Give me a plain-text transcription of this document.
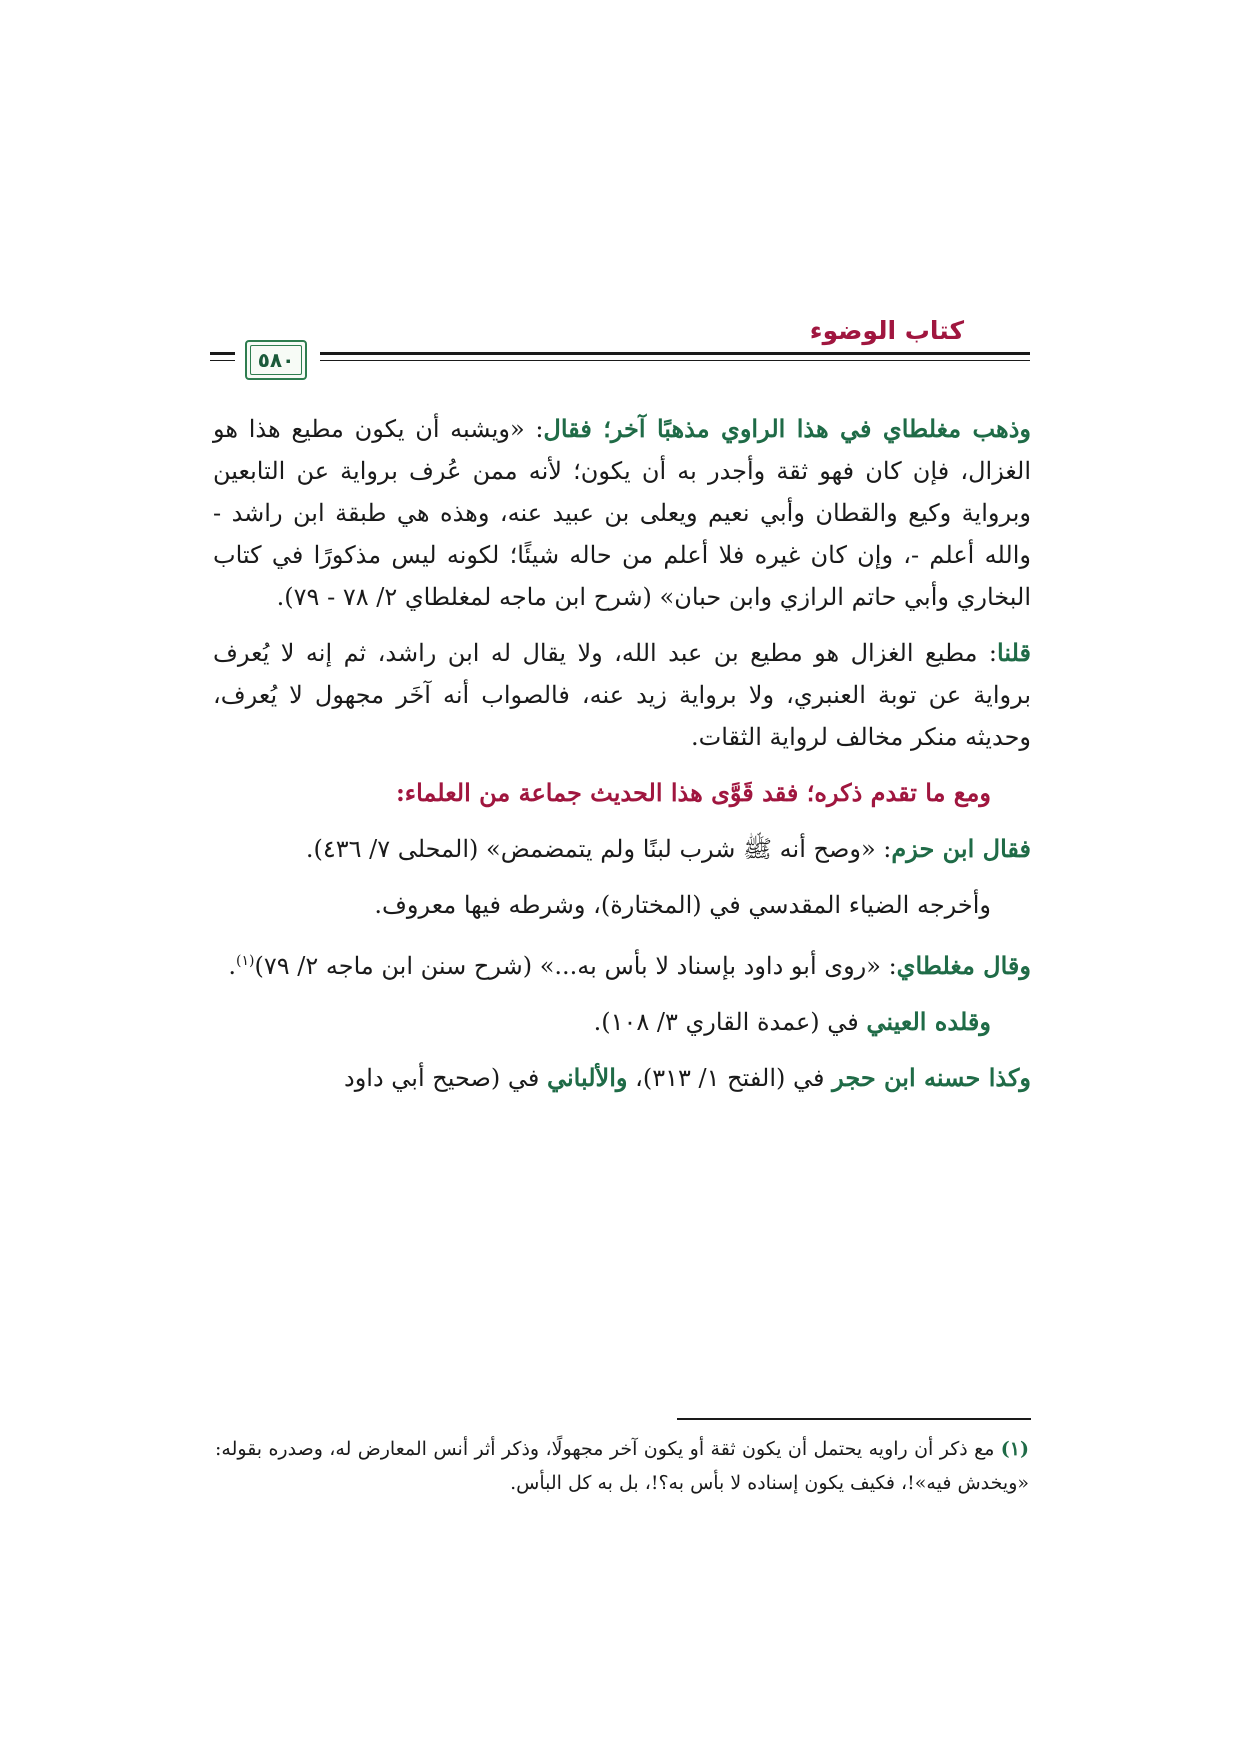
كتاب الوضوء
٥٨٠

وذهب مغلطاي في هذا الراوي مذهبًا آخر؛ فقال: «ويشبه أن يكون مطيع هذا هو الغزال، فإن كان فهو ثقة وأجدر به أن يكون؛ لأنه ممن عُرف برواية عن التابعين وبرواية وكيع والقطان وأبي نعيم ويعلى بن عبيد عنه، وهذه هي طبقة ابن راشد - والله أعلم -، وإن كان غيره فلا أعلم من حاله شيئًا؛ لكونه ليس مذكورًا في كتاب البخاري وأبي حاتم الرازي وابن حبان» (شرح ابن ماجه لمغلطاي ٢/ ٧٨ - ٧٩).

قلنا: مطيع الغزال هو مطيع بن عبد الله، ولا يقال له ابن راشد، ثم إنه لا يُعرف برواية عن توبة العنبري، ولا برواية زيد عنه، فالصواب أنه آخَر مجهول لا يُعرف، وحديثه منكر مخالف لرواية الثقات.

ومع ما تقدم ذكره؛ فقد قَوَّى هذا الحديث جماعة من العلماء:

فقال ابن حزم: «وصح أنه ﷺ شرب لبنًا ولم يتمضمض» (المحلى ٧/ ٤٣٦).

وأخرجه الضياء المقدسي في (المختارة)، وشرطه فيها معروف.

وقال مغلطاي: «روى أبو داود بإسناد لا بأس به...» (شرح سنن ابن ماجه ٢/ ٧٩)$^{(١)}$.

وقلده العيني في (عمدة القاري ٣/ ١٠٨).

وكذا حسنه ابن حجر في (الفتح ١/ ٣١٣)، والألباني في (صحيح أبي داود

(١) مع ذكر أن راويه يحتمل أن يكون ثقة أو يكون آخر مجهولًا، وذكر أثر أنس المعارض له، وصدره بقوله: «ويخدش فيه»!، فكيف يكون إسناده لا بأس به؟!، بل به كل البأس.
